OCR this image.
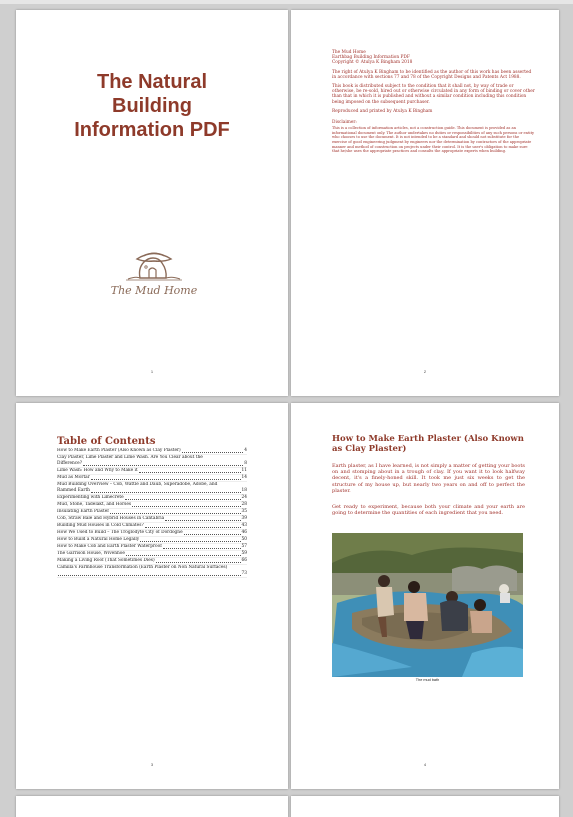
The Natural
Building
Information PDF
The Mud Home
1

The Mud Home
Earthbag Building Information PDF
Copyright © Atulya K Bingham 2018

The right of Atulya K Bingham to be identified as the author of this work has been asserted in accordance with sections 77 and 78 of the Copyright Designs and Patents Act 1988.

This book is distributed subject to the condition that it shall not, by way of trade or otherwise, be re-sold, hired out or otherwise circulated in any form of binding or cover other than that in which it is published and without a similar condition including this condition being imposed on the subsequent purchaser.

Reproduced and printed by Atulya K Bingham

Disclaimer:

This is a collection of information articles, not a construction guide. This document is provided as an informational document only. The author undertakes no duties or responsibilities of any such persons or entity who chooses to use the document. It is not intended to be a standard and should not substitute for the exercise of good engineering judgment by engineers nor the determination by contractors of the appropriate manner and method of construction on projects under their control. It is the user's obligation to make sure that he/she uses the appropriate practices and consults the appropriate experts when building.

2
Table of Contents
How to Make Earth Plaster (Also Known as Clay Plaster)	4
Clay Plaster, Lime Plaster and Lime Wash. Are You Clear about the
Difference?	8
Lime Wash: How and Why to Make it	11
Mud as Mortar	14
Mud Building Overview – Cob, Wattle and Daub, Superadobe, Adobe, and
Rammed Earth	18
Experimenting with Limecrete	24
Mud, Stone, Tadelakt, and Horses	28
Insulating Earth Plaster	35
Cob, Straw Bale and Hybrid Houses in Cantabria	39
Building Mud Houses in Cold Climates?	43
How We Used to Build – The Troglodyte City of Dordogne	46
How to Build a Natural Home Legally	50
How to Make Cob and Earth Plaster Waterproof	57
The Garrison House, Wivenhoe	59
Making a Living Roof (That Sometimes Dies)	66
Camilla's Farmhouse Transformation (Earth Plaster on Non Natural Surfaces)
73
3
How to Make Earth Plaster (Also Known as Clay Plaster)
Earth plaster, as I have learned, is not simply a matter of getting your boots on and stomping about in a trough of clay. If you want it to look halfway decent, it's a finely-honed skill. It took me just six weeks to get the structure of my house up, but nearly two years on and off to perfect the plaster.
Get ready to experiment, because both your climate and your earth are going to determine the quantities of each ingredient that you need.
The mud bath
4
